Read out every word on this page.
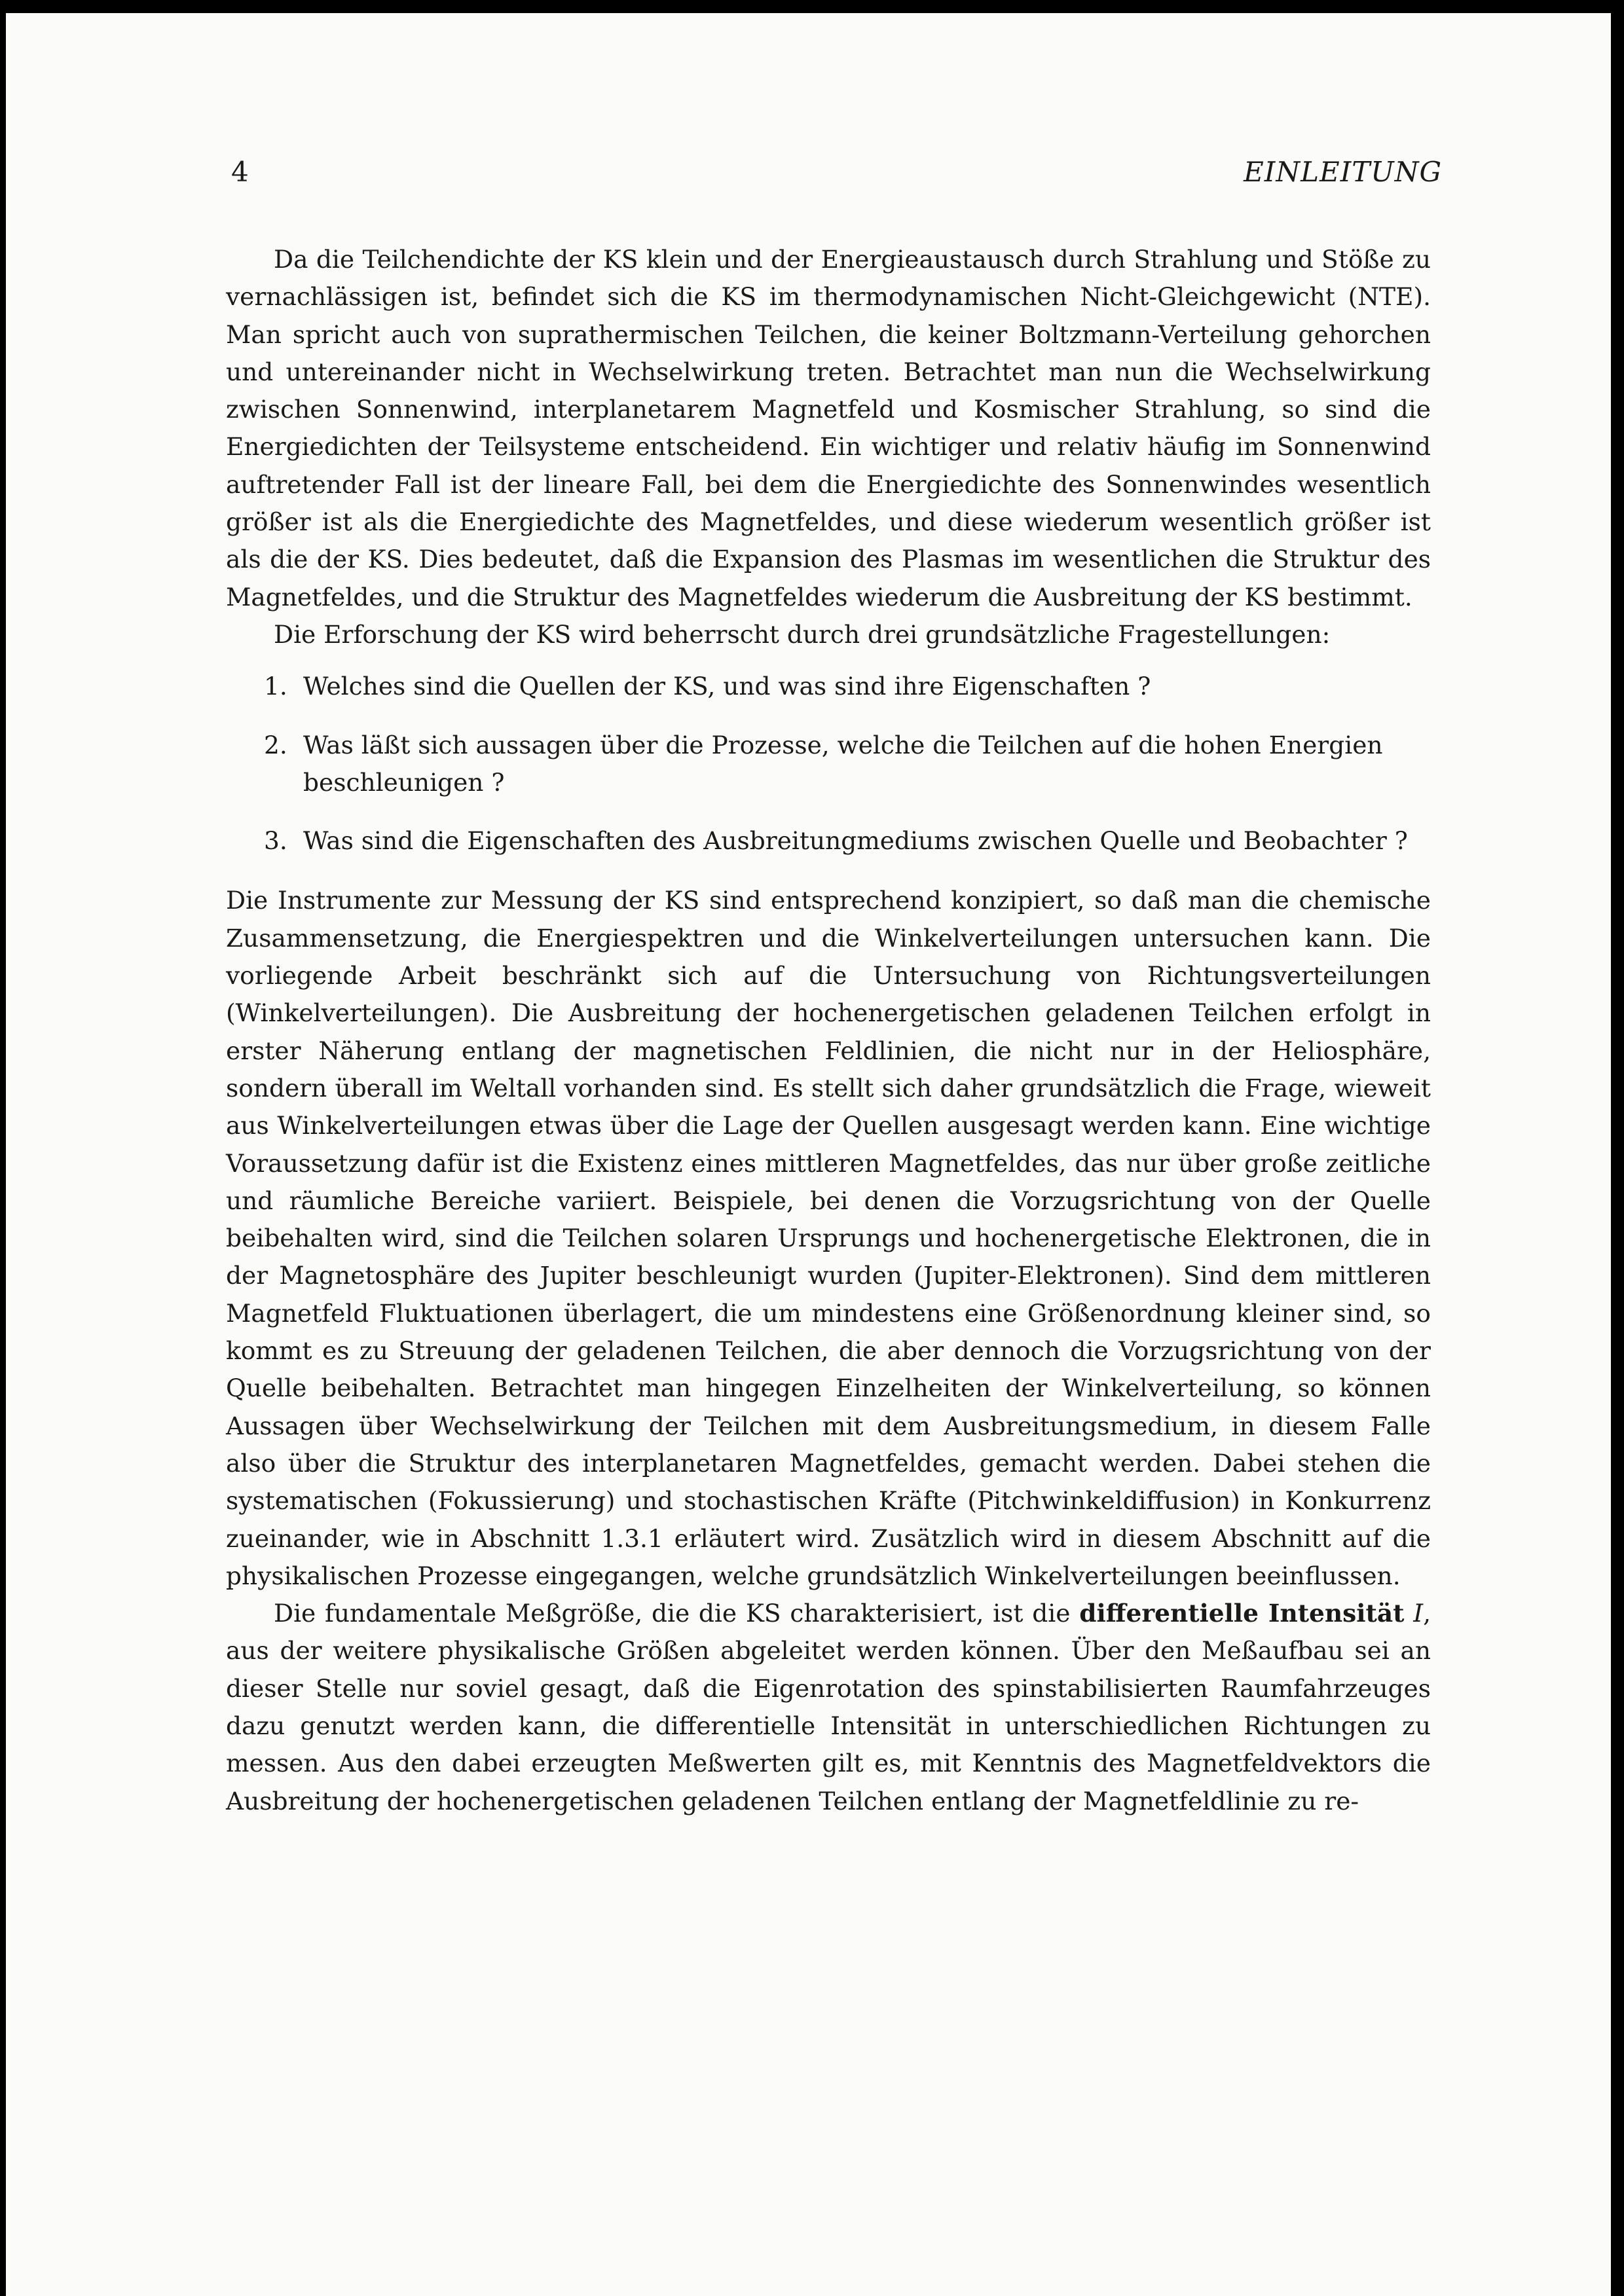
4	EINLEITUNG

Da die Teilchendichte der KS klein und der Energieaustausch durch Strahlung und Stöße zu vernachlässigen ist, befindet sich die KS im thermodynamischen Nicht-Gleichgewicht (NTE). Man spricht auch von suprathermischen Teilchen, die keiner Boltzmann-Verteilung gehorchen und untereinander nicht in Wechselwirkung treten. Betrachtet man nun die Wechselwirkung zwischen Sonnenwind, interplanetarem Magnetfeld und Kosmischer Strahlung, so sind die Energiedichten der Teilsysteme entscheidend. Ein wichtiger und relativ häufig im Sonnenwind auftretender Fall ist der lineare Fall, bei dem die Energiedichte des Sonnenwindes wesentlich größer ist als die Energiedichte des Magnetfeldes, und diese wiederum wesentlich größer ist als die der KS. Dies bedeutet, daß die Expansion des Plasmas im wesentlichen die Struktur des Magnetfeldes, und die Struktur des Magnetfeldes wiederum die Ausbreitung der KS bestimmt.

Die Erforschung der KS wird beherrscht durch drei grundsätzliche Fragestellungen:

1. Welches sind die Quellen der KS, und was sind ihre Eigenschaften ?
2. Was läßt sich aussagen über die Prozesse, welche die Teilchen auf die hohen Energien beschleunigen ?
3. Was sind die Eigenschaften des Ausbreitungmediums zwischen Quelle und Beobachter ?

Die Instrumente zur Messung der KS sind entsprechend konzipiert, so daß man die chemische Zusammensetzung, die Energiespektren und die Winkelverteilungen untersuchen kann. Die vorliegende Arbeit beschränkt sich auf die Untersuchung von Richtungsverteilungen (Winkelverteilungen). Die Ausbreitung der hochenergetischen geladenen Teilchen erfolgt in erster Näherung entlang der magnetischen Feldlinien, die nicht nur in der Heliosphäre, sondern überall im Weltall vorhanden sind. Es stellt sich daher grundsätzlich die Frage, wieweit aus Winkelverteilungen etwas über die Lage der Quellen ausgesagt werden kann. Eine wichtige Voraussetzung dafür ist die Existenz eines mittleren Magnetfeldes, das nur über große zeitliche und räumliche Bereiche variiert. Beispiele, bei denen die Vorzugsrichtung von der Quelle beibehalten wird, sind die Teilchen solaren Ursprungs und hochenergetische Elektronen, die in der Magnetosphäre des Jupiter beschleunigt wurden (Jupiter-Elektronen). Sind dem mittleren Magnetfeld Fluktuationen überlagert, die um mindestens eine Größenordnung kleiner sind, so kommt es zu Streuung der geladenen Teilchen, die aber dennoch die Vorzugsrichtung von der Quelle beibehalten. Betrachtet man hingegen Einzelheiten der Winkelverteilung, so können Aussagen über Wechselwirkung der Teilchen mit dem Ausbreitungsmedium, in diesem Falle also über die Struktur des interplanetaren Magnetfeldes, gemacht werden. Dabei stehen die systematischen (Fokussierung) und stochastischen Kräfte (Pitchwinkeldiffusion) in Konkurrenz zueinander, wie in Abschnitt 1.3.1 erläutert wird. Zusätzlich wird in diesem Abschnitt auf die physikalischen Prozesse eingegangen, welche grundsätzlich Winkelverteilungen beeinflussen.

Die fundamentale Meßgröße, die die KS charakterisiert, ist die differentielle Intensität I, aus der weitere physikalische Größen abgeleitet werden können. Über den Meßaufbau sei an dieser Stelle nur soviel gesagt, daß die Eigenrotation des spinstabilisierten Raumfahrzeuges dazu genutzt werden kann, die differentielle Intensität in unterschiedlichen Richtungen zu messen. Aus den dabei erzeugten Meßwerten gilt es, mit Kenntnis des Magnetfeldvektors die Ausbreitung der hochenergetischen geladenen Teilchen entlang der Magnetfeldlinie zu re-
